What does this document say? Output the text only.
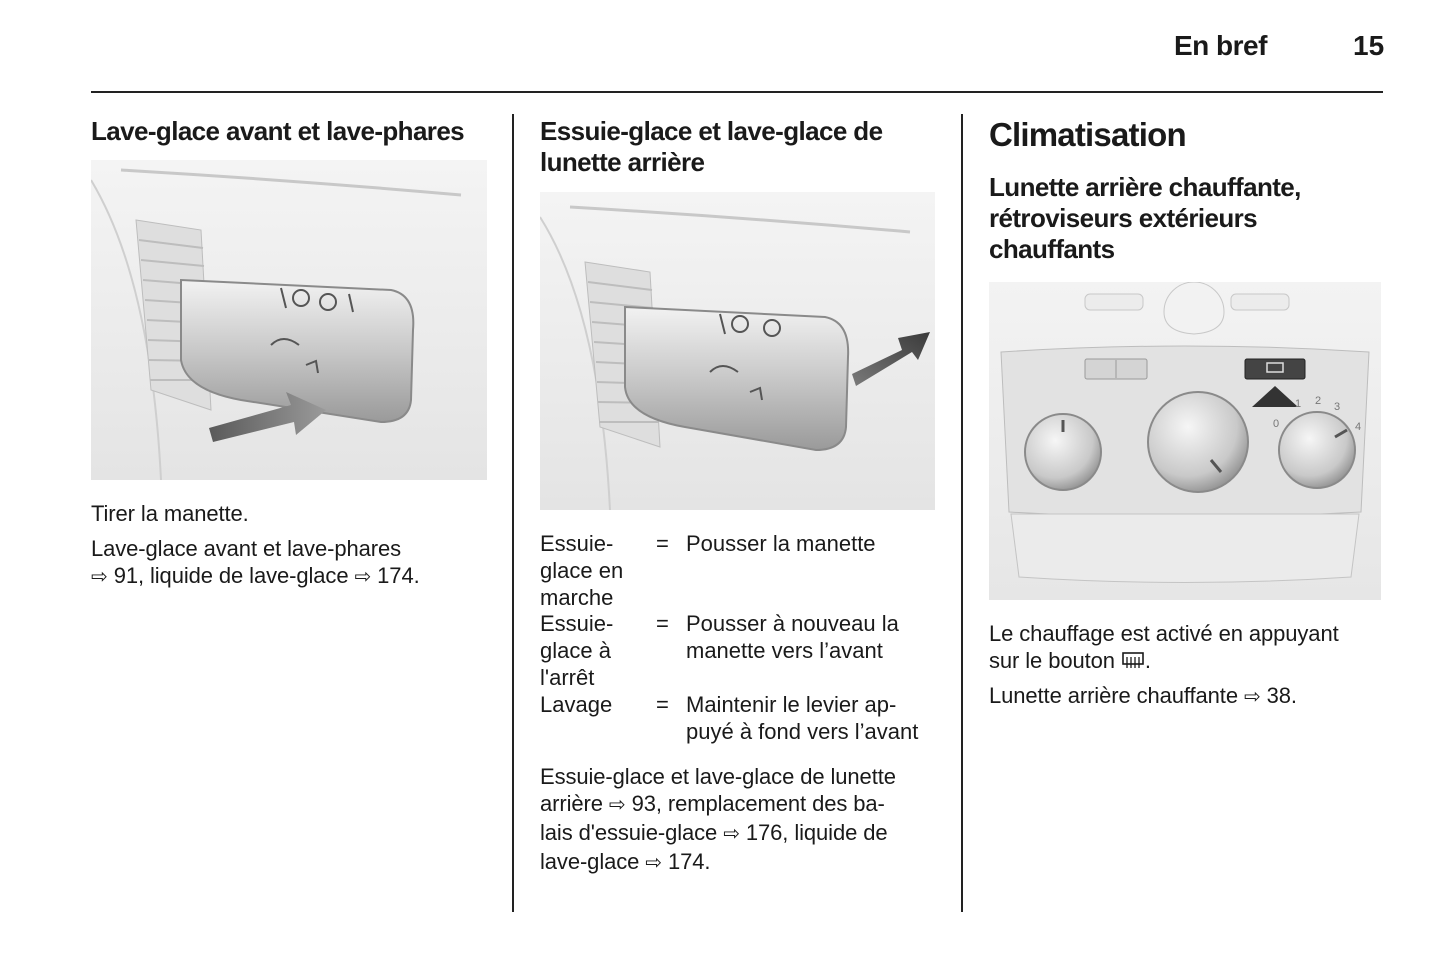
En bref	15

Lave-glace avant et lave-phares

Tirer la manette.

Lave-glace avant et lave-phares

⇨ 91, liquide de lave-glace ⇨ 174.

Essuie-glace et lave-glace de

lunette arrière

Essuie-
glace en
marche
= Pousser la manette
Essuie-
glace à
l'arrêt
= Pousser à nouveau la
manette vers l’avant
Lavage	= Maintenir le levier ap-
puyé à fond vers l’avant

Essuie-glace et lave-glace de lunette

arrière ⇨ 93, remplacement des ba-

lais d'essuie-glace ⇨ 176, liquide de

lave-glace ⇨ 174.

Climatisation

Lunette arrière chauffante,

rétroviseurs extérieurs

chauffants

1 2 3
4
0

Le chauffage est activé en appuyant

sur le bouton .

Lunette arrière chauffante ⇨ 38.
